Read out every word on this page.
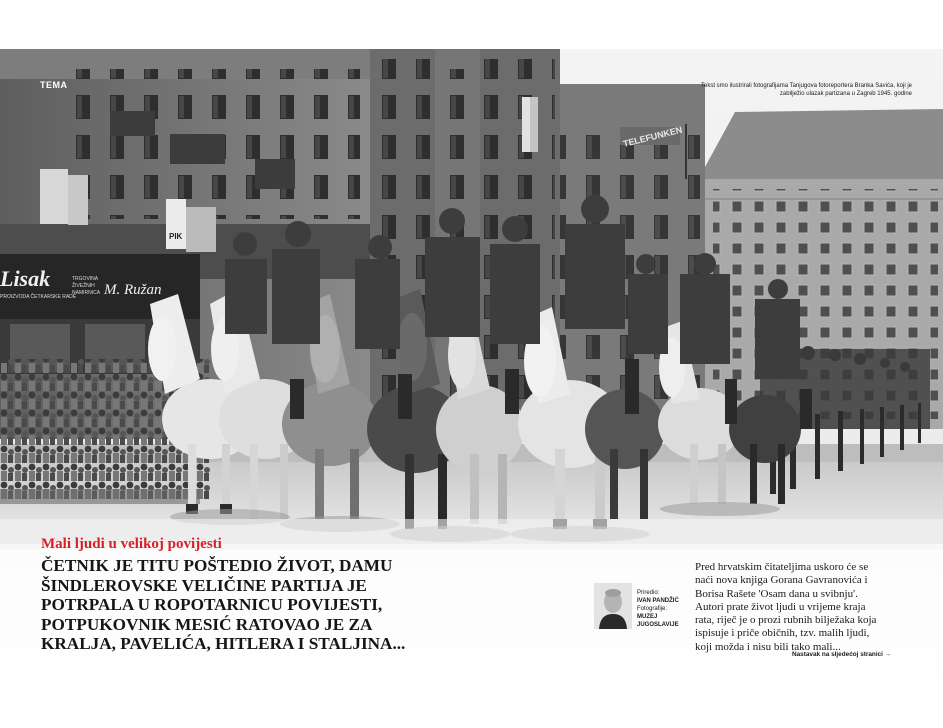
TELEFUNKEN
PIK
Lisak
PROIZVODA ČETKARSKE RADE
TRGOVINA
ŽIVEŽNIH
NAMIRNICA M. Ružan
TEMA	Tekst smo ilustrirali fotografijama Tanjugova fotoreportera Branka Savića, koji je zabilježio ulazak partizana u Zagreb 1945. godine
Mali ljudi u velikoj povijesti
ČETNIK JE TITU POŠTEDIO ŽIVOT, DAMU ŠINDLEROVSKE VELIČINE PARTIJA JE POTRPALA U ROPOTARNICU POVIJESTI, POTPUKOVNIK MESIĆ RATOVAO JE ZA KRALJA, PAVELIĆA, HITLERA I STALJINA...
Priredio:
IVAN PANDŽIĆ
Fotografije:
MUZEJ JUGOSLAVIJE

Pred hrvatskim čitateljima uskoro će se naći nova knjiga Gorana Gavranovića i Borisa Rašete 'Osam dana u svibnju'. Autori prate život ljudi u vrijeme kraja rata, riječ je o prozi rubnih bilježaka koja ispisuje i priče običnih, tzv. malih ljudi, koji možda i nisu bili tako mali...

Nastavak na sljedećoj stranici →
